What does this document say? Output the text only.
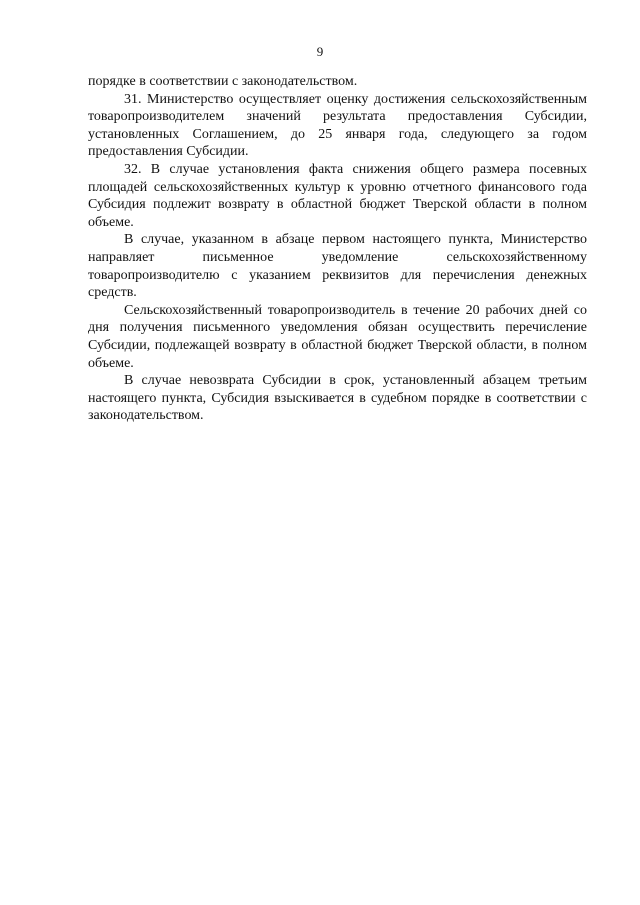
9

порядке в соответствии с законодательством.

31. Министерство осуществляет оценку достижения сельскохозяйственным товаропроизводителем значений результата предоставления Субсидии, установленных Соглашением, до 25 января года, следующего за годом предоставления Субсидии.

32. В случае установления факта снижения общего размера посевных площадей сельскохозяйственных культур к уровню отчетного финансового года Субсидия подлежит возврату в областной бюджет Тверской области в полном объеме.

В случае, указанном в абзаце первом настоящего пункта, Министерство направляет письменное уведомление сельскохозяйственному товаропроизводителю с указанием реквизитов для перечисления денежных средств.

Сельскохозяйственный товаропроизводитель в течение 20 рабочих дней со дня получения письменного уведомления обязан осуществить перечисление Субсидии, подлежащей возврату в областной бюджет Тверской области, в полном объеме.

В случае невозврата Субсидии в срок, установленный абзацем третьим настоящего пункта, Субсидия взыскивается в судебном порядке в соответствии с законодательством.
